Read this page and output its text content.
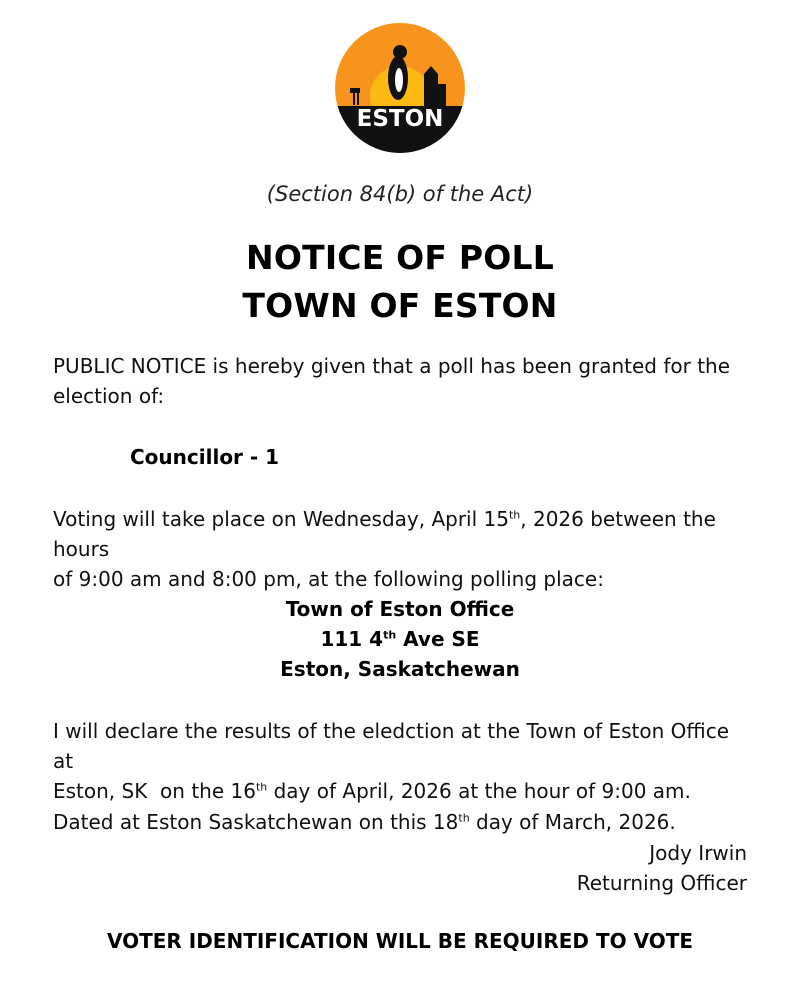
ESTON
(Section 84(b) of the Act)
NOTICE OF POLL
TOWN OF ESTON
PUBLIC NOTICE is hereby given that a poll has been granted for the
election of:
Councillor - 1
Voting will take place on Wednesday, April 15th, 2026 between the hours
of 9:00 am and 8:00 pm, at the following polling place:
Town of Eston Office
111 4th Ave SE
Eston, Saskatchewan
I will declare the results of the eledction at the Town of Eston Office at
Eston, SK  on the 16th day of April, 2026 at the hour of 9:00 am.
Dated at Eston Saskatchewan on this 18th day of March, 2026.
Jody Irwin
Returning Officer
VOTER IDENTIFICATION WILL BE REQUIRED TO VOTE
